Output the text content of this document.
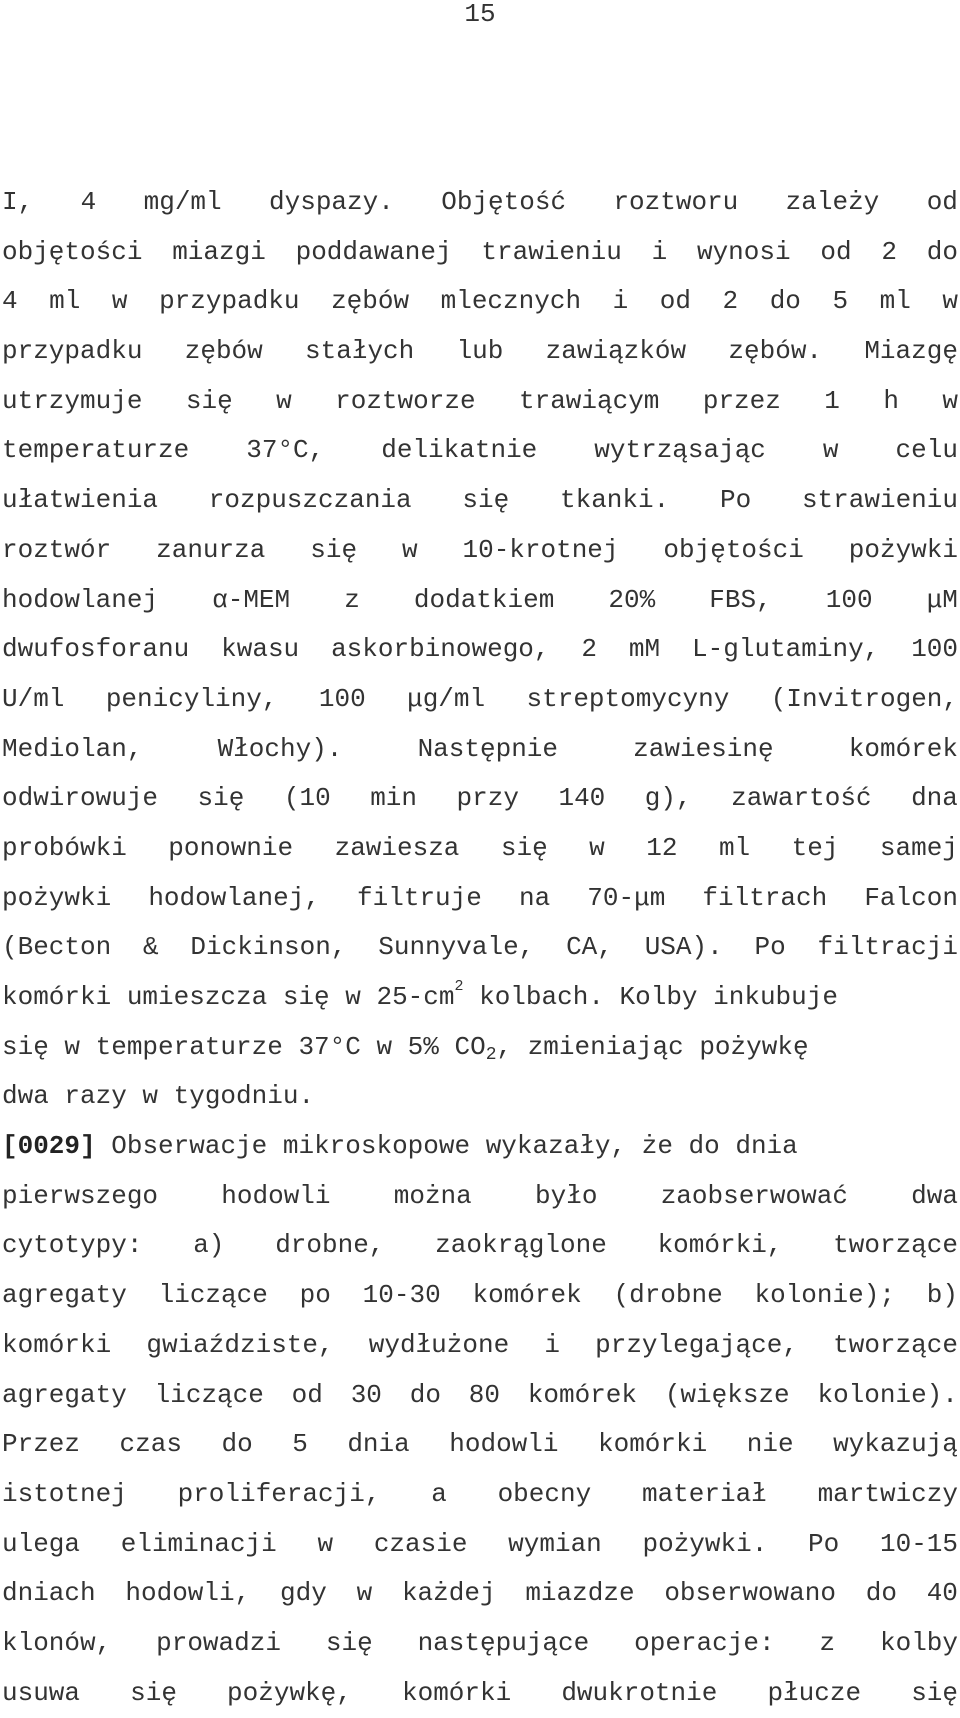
15
I, 4 mg/ml dyspazy. Objętość roztworu zależy od
objętości miazgi poddawanej trawieniu i wynosi od 2 do
4 ml w przypadku zębów mlecznych i od 2 do 5 ml w
przypadku zębów stałych lub zawiązków zębów. Miazgę
utrzymuje się w roztworze trawiącym przez 1 h w
temperaturze 37°C, delikatnie wytrząsając w celu
ułatwienia rozpuszczania się tkanki. Po strawieniu
roztwór zanurza się w 10-krotnej objętości pożywki
hodowlanej α-MEM z dodatkiem 20% FBS, 100 μM
dwufosforanu kwasu askorbinowego, 2 mM L-glutaminy, 100
U/ml penicyliny, 100 μg/ml streptomycyny (Invitrogen,
Mediolan,	Włochy).	Następnie	zawiesinę	komórek
odwirowuje się (10 min przy 140 g), zawartość dna
probówki ponownie zawiesza się w 12 ml tej samej
pożywki hodowlanej, filtruje na 70-μm filtrach Falcon
(Becton & Dickinson, Sunnyvale, CA, USA). Po filtracji
komórki umieszcza się w 25-cm2 kolbach. Kolby inkubuje
się w temperaturze 37°C w 5% CO2, zmieniając pożywkę
dwa razy w tygodniu.
[0029] Obserwacje mikroskopowe wykazały, że do dnia
pierwszego hodowli można było zaobserwować dwa
cytotypy: a) drobne, zaokrąglone komórki, tworzące
agregaty liczące po 10-30 komórek (drobne kolonie); b)
komórki gwiaździste, wydłużone i przylegające, tworzące
agregaty liczące od 30 do 80 komórek (większe kolonie).
Przez czas do 5 dnia hodowli komórki nie wykazują
istotnej proliferacji, a obecny materiał martwiczy
ulega eliminacji w czasie wymian pożywki. Po 10-15
dniach hodowli, gdy w każdej miazdze obserwowano do 40
klonów, prowadzi się następujące operacje: z kolby
usuwa się pożywkę, komórki dwukrotnie płucze się
